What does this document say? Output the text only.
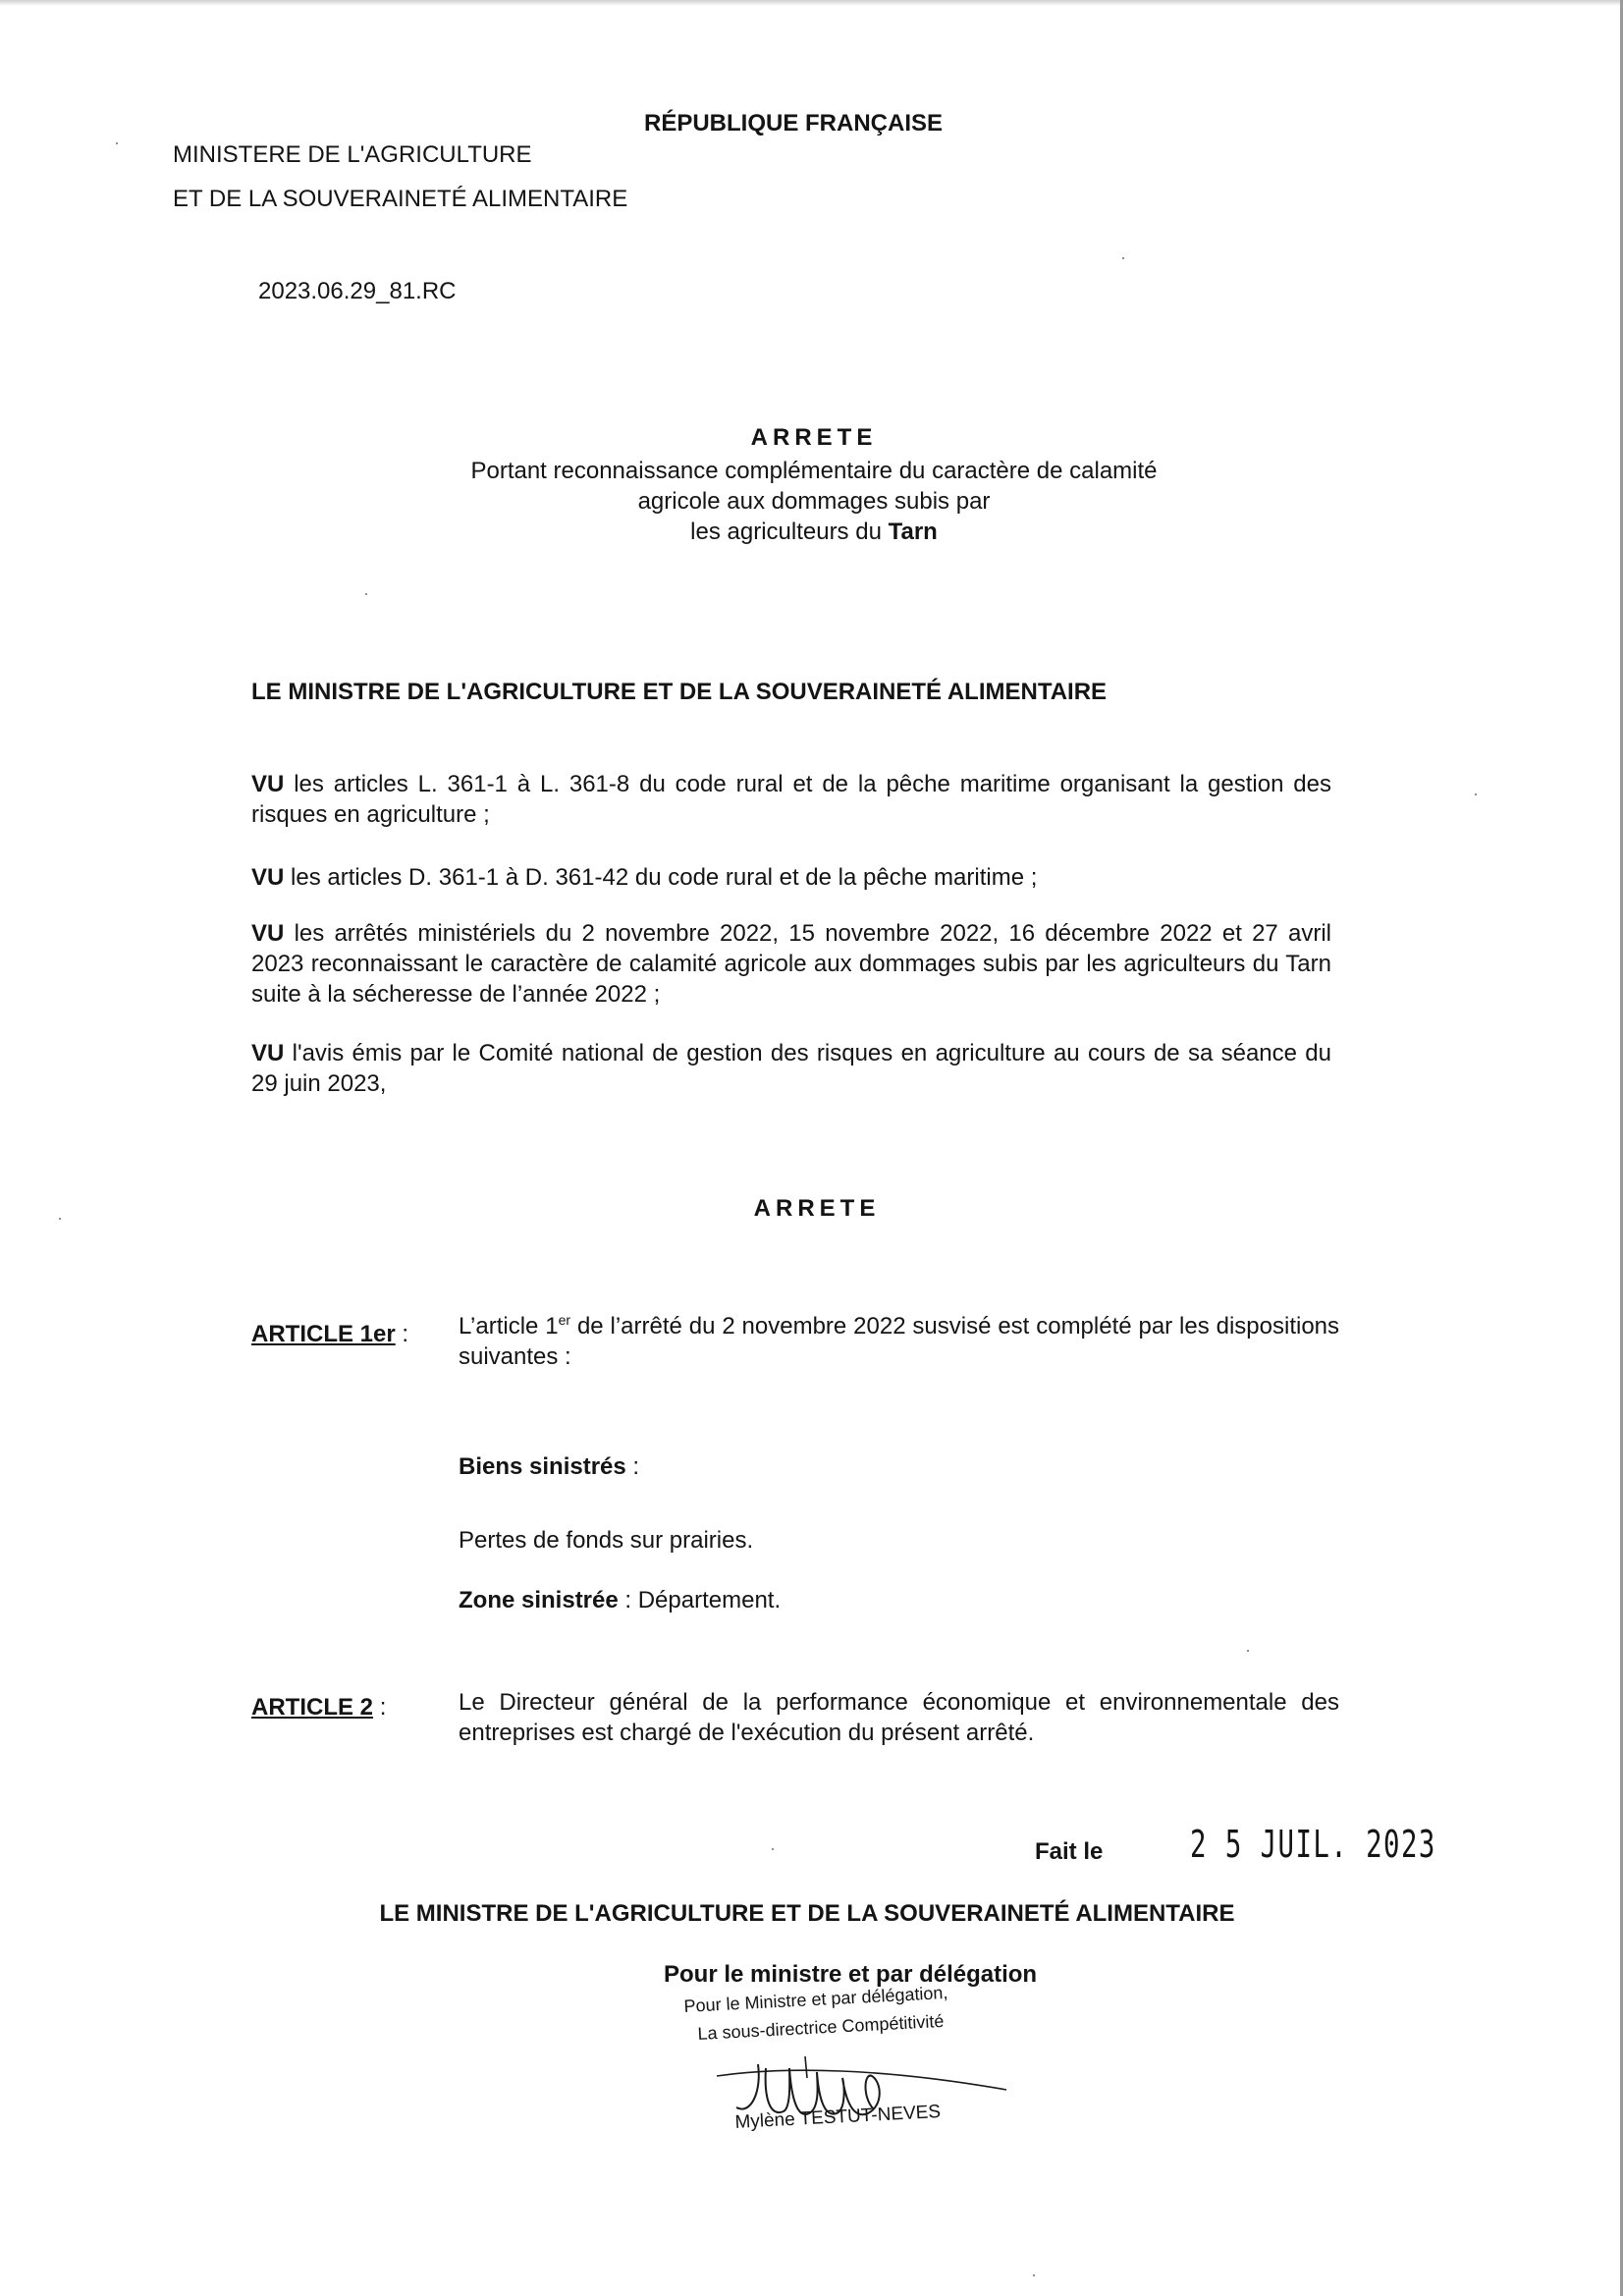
RÉPUBLIQUE FRANÇAISE
MINISTERE DE L'AGRICULTURE
ET DE LA SOUVERAINETÉ ALIMENTAIRE
2023.06.29_81.RC
ARRETE
Portant reconnaissance complémentaire du caractère de calamité
agricole aux dommages subis par
les agriculteurs du Tarn
LE MINISTRE DE L'AGRICULTURE ET DE LA SOUVERAINETÉ ALIMENTAIRE
VU les articles L. 361-1 à L. 361-8 du code rural et de la pêche maritime organisant la gestion des risques en agriculture ;
VU les articles D. 361-1 à D. 361-42 du code rural et de la pêche maritime ;
VU les arrêtés ministériels du 2 novembre 2022, 15 novembre 2022, 16 décembre 2022 et 27 avril 2023 reconnaissant le caractère de calamité agricole aux dommages subis par les agriculteurs du Tarn suite à la sécheresse de l’année 2022 ;
VU l'avis émis par le Comité national de gestion des risques en agriculture au cours de sa séance du 29 juin 2023,
ARRETE
ARTICLE 1er : L’article 1er de l’arrêté du 2 novembre 2022 susvisé est complété par les dispositions suivantes :
Biens sinistrés :
Pertes de fonds sur prairies.
Zone sinistrée : Département.
ARTICLE 2 :	Le Directeur général de la performance économique et environnementale des entreprises est chargé de l'exécution du présent arrêté.
Fait le 2 5 JUIL. 2023
LE MINISTRE DE L'AGRICULTURE ET DE LA SOUVERAINETÉ ALIMENTAIRE
Pour le ministre et par délégation
Pour le Ministre et par délégation,
La sous-directrice Compétitivité
Mylène TESTUT-NEVES
